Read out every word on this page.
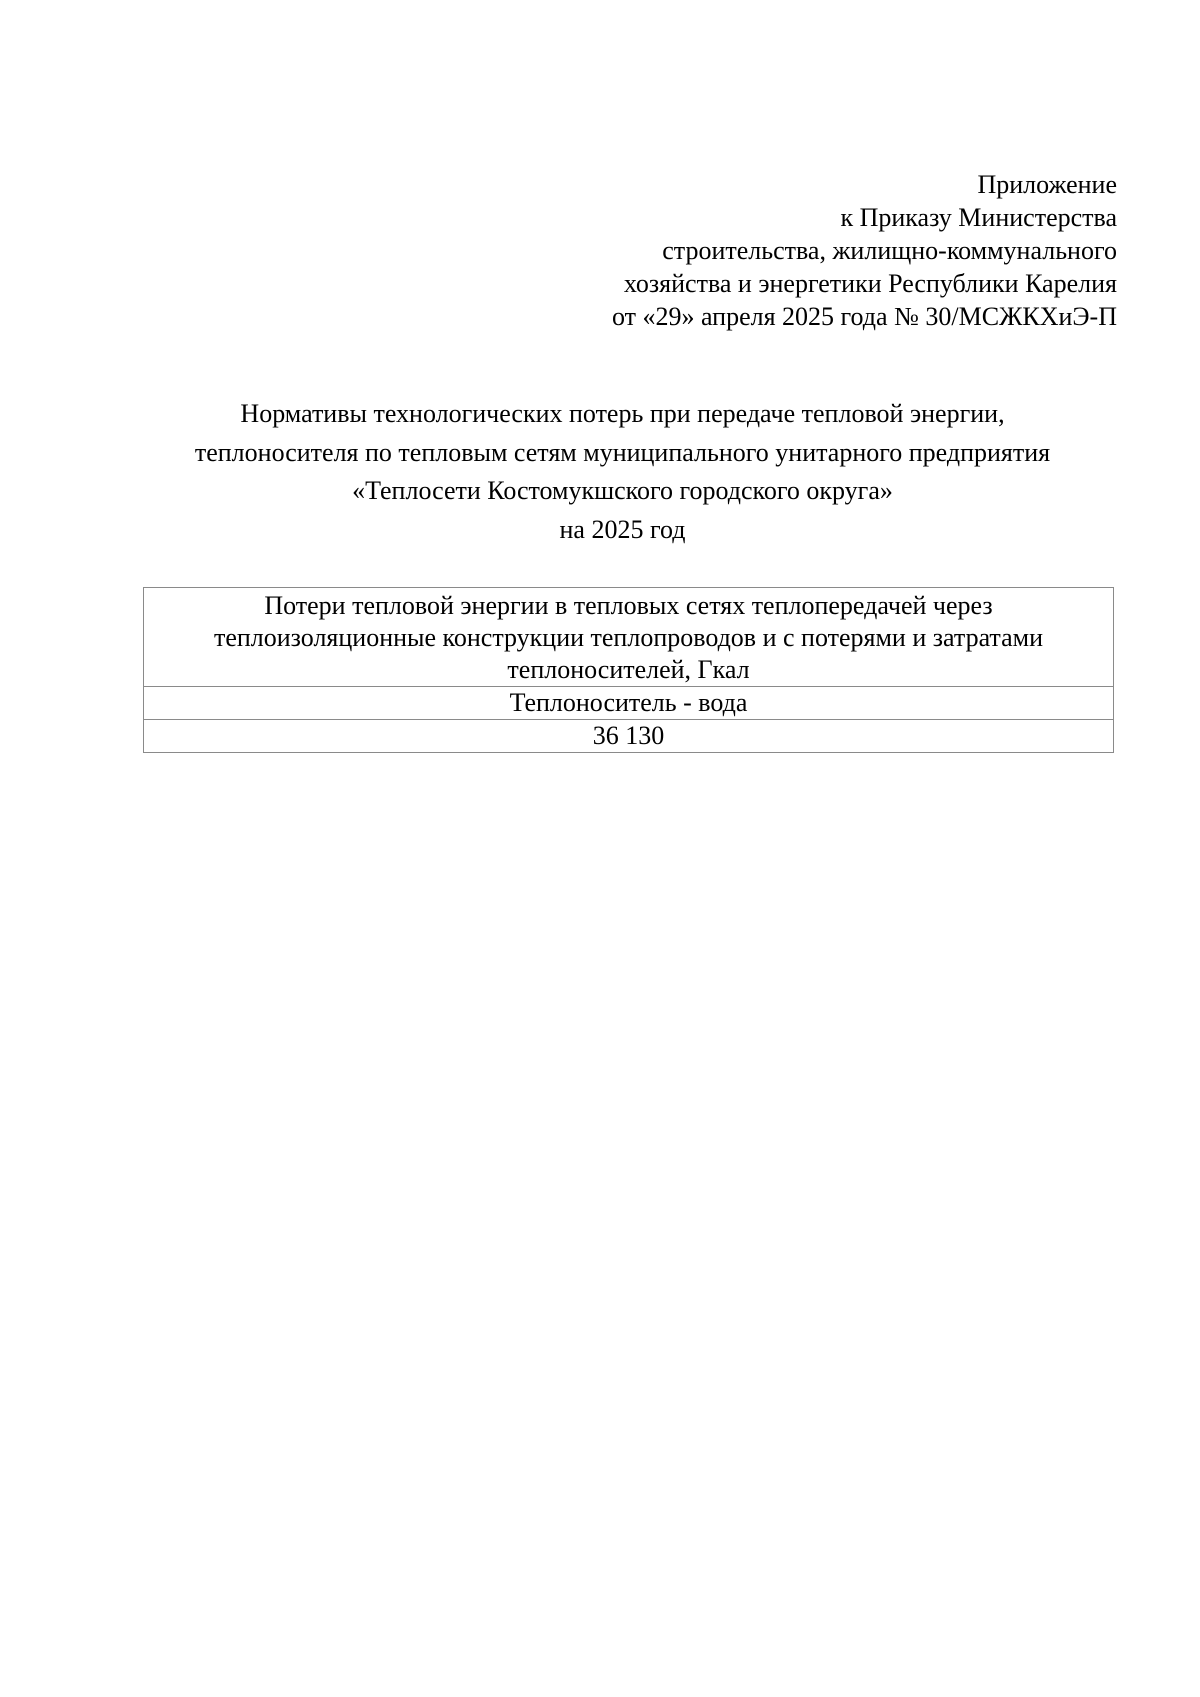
Приложение
к Приказу Министерства
строительства, жилищно-коммунального
хозяйства и энергетики Республики Карелия
от «29» апреля 2025 года № 30/МСЖКХиЭ-П
Нормативы технологических потерь при передаче тепловой энергии,
теплоносителя по тепловым сетям муниципального унитарного предприятия
«Теплосети Костомукшского городского округа»
на 2025 год
Потери тепловой энергии в тепловых сетях теплопередачей через
теплоизоляционные конструкции теплопроводов и с потерями и затратами
теплоносителей, Гкал

Теплоноситель - вода
36 130
